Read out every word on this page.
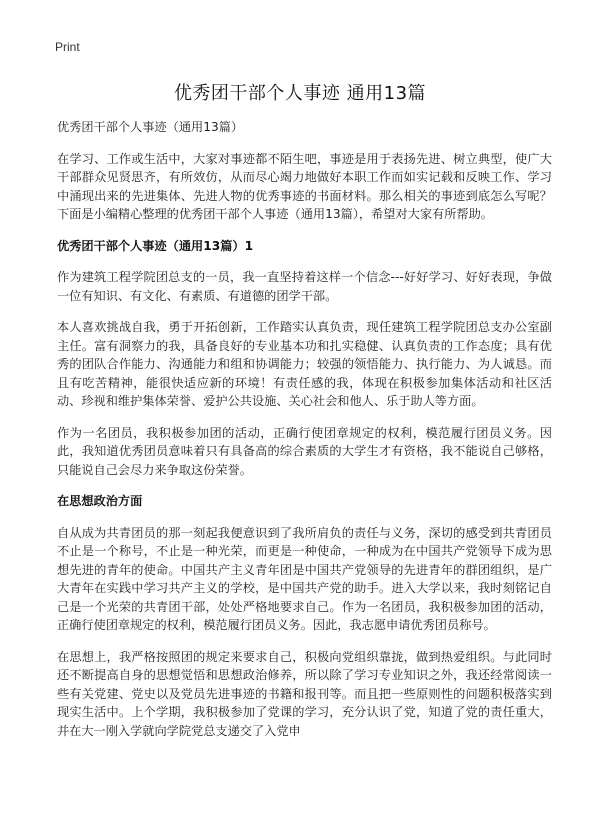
Print
优秀团干部个人事迹 通用13篇

优秀团干部个人事迹（通用13篇）

在学习、工作或生活中，大家对事迹都不陌生吧，事迹是用于表扬先进、树立典型，使广大干部群众见贤思齐，有所效仿，从而尽心竭力地做好本职工作而如实记载和反映工作、学习中涌现出来的先进集体、先进人物的优秀事迹的书面材料。那么相关的事迹到底怎么写呢？下面是小编精心整理的优秀团干部个人事迹（通用13篇），希望对大家有所帮助。

优秀团干部个人事迹（通用13篇）1

作为建筑工程学院团总支的一员，我一直坚持着这样一个信念---好好学习、好好表现，争做一位有知识、有文化、有素质、有道德的团学干部。

本人喜欢挑战自我，勇于开拓创新，工作踏实认真负责，现任建筑工程学院团总支办公室副主任。富有洞察力的我，具备良好的专业基本功和扎实稳健、认真负责的工作态度；具有优秀的团队合作能力、沟通能力和组和协调能力；较强的领悟能力、执行能力、为人诚恳。而且有吃苦精神，能很快适应新的环境！有责任感的我，体现在积极参加集体活动和社区活动、珍视和维护集体荣誉、爱护公共设施、关心社会和他人、乐于助人等方面。

作为一名团员，我积极参加团的活动，正确行使团章规定的权利，模范履行团员义务。因此，我知道优秀团员意味着只有具备高的综合素质的大学生才有资格，我不能说自己够格，只能说自己会尽力来争取这份荣誉。

在思想政治方面

自从成为共青团员的那一刻起我便意识到了我所肩负的责任与义务，深切的感受到共青团员不止是一个称号，不止是一种光荣，而更是一种使命，一种成为在中国共产党领导下成为思想先进的青年的使命。中国共产主义青年团是中国共产党领导的先进青年的群团组织，是广大青年在实践中学习共产主义的学校，是中国共产党的助手。进入大学以来，我时刻铭记自己是一个光荣的共青团干部，处处严格地要求自己。作为一名团员，我积极参加团的活动，正确行使团章规定的权利，模范履行团员义务。因此，我志愿申请优秀团员称号。

在思想上，我严格按照团的规定来要求自己，积极向党组织靠拢，做到热爱组织。与此同时还不断提高自身的思想觉悟和思想政治修养，所以除了学习专业知识之外，我还经常阅读一些有关党建、党史以及党员先进事迹的书籍和报刊等。而且把一些原则性的问题积极落实到现实生活中。上个学期，我积极参加了党课的学习，充分认识了党，知道了党的责任重大，并在大一刚入学就向学院党总支递交了入党申
